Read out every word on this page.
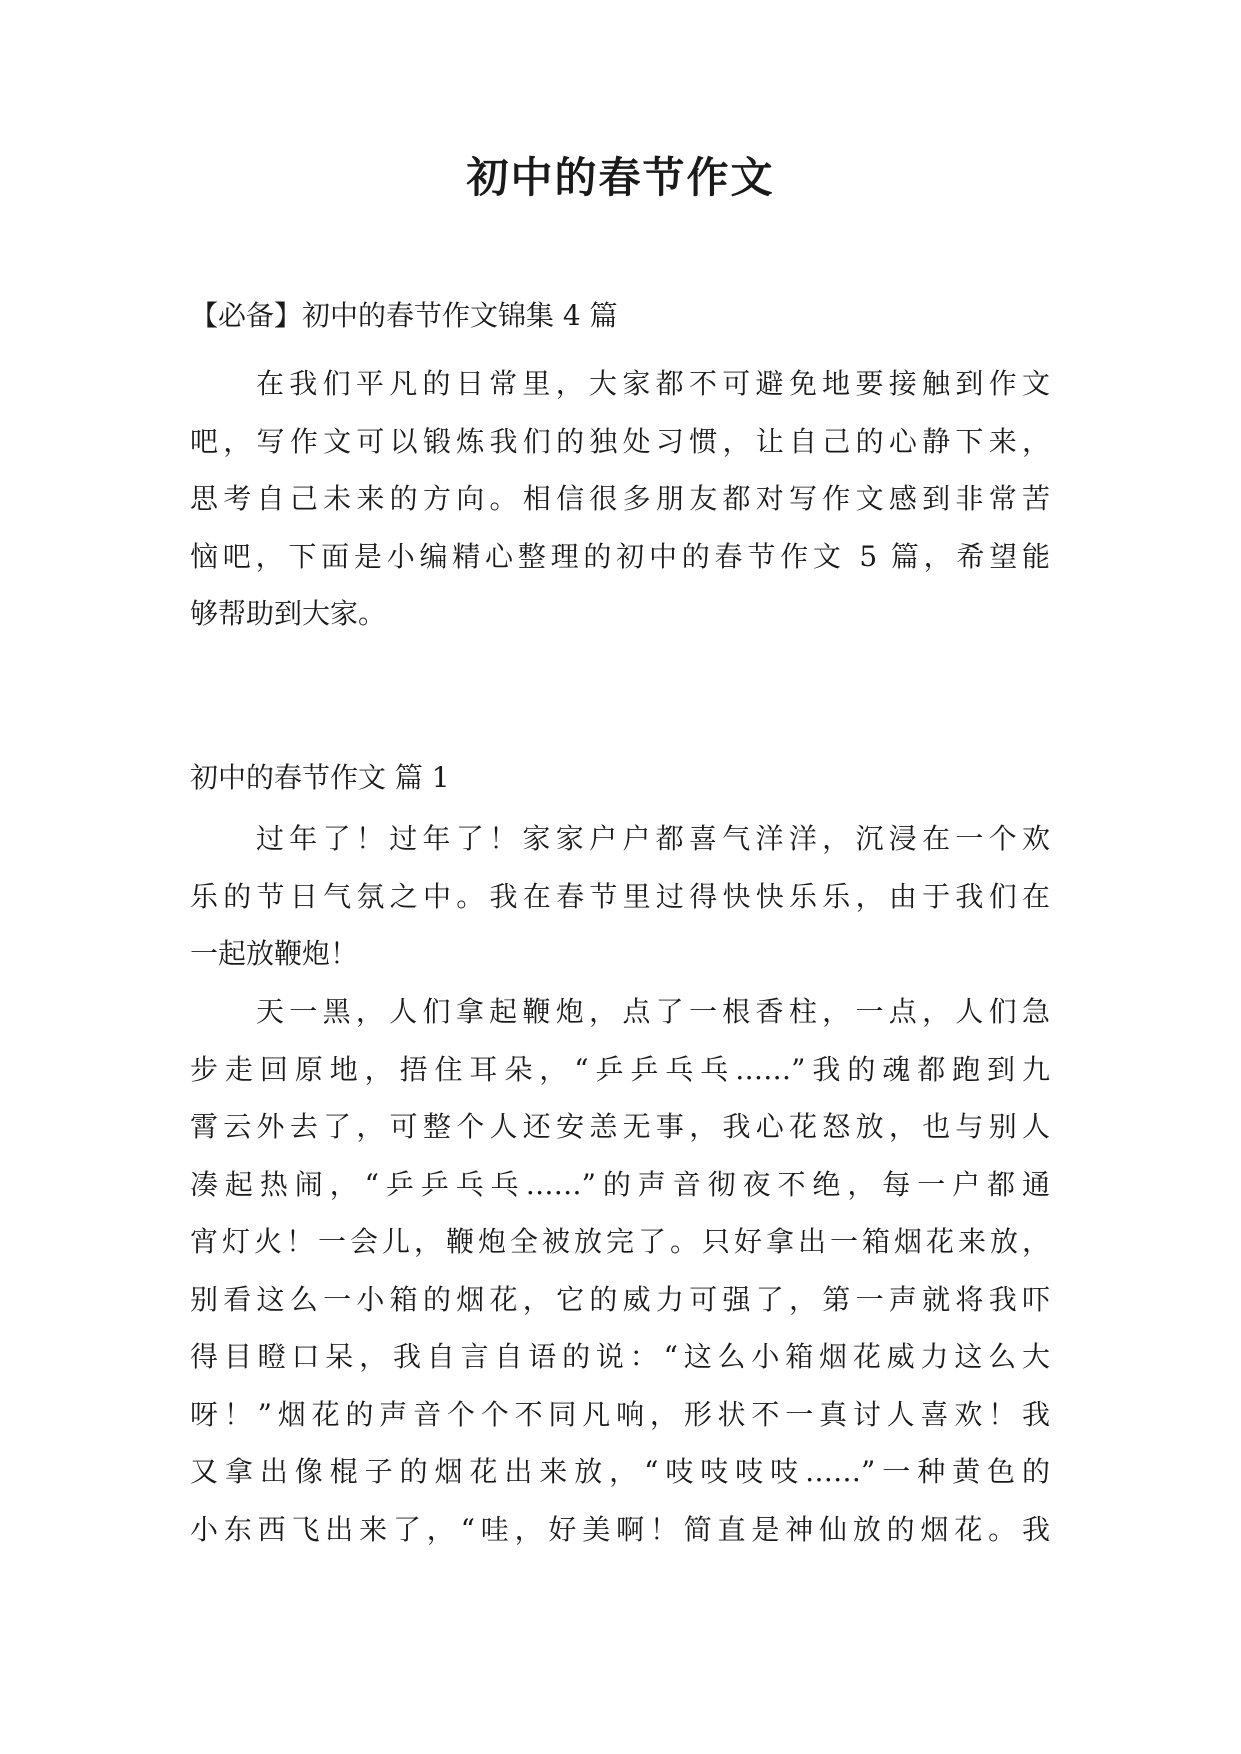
初中的春节作文
【必备】初中的春节作文锦集 4 篇
在我们平凡的日常里，大家都不可避免地要接触到作文
吧，写作文可以锻炼我们的独处习惯，让自己的心静下来，
思考自己未来的方向。相信很多朋友都对写作文感到非常苦
恼吧，下面是小编精心整理的初中的春节作文 5 篇，希望能
够帮助到大家。
初中的春节作文 篇 1
过年了！过年了！家家户户都喜气洋洋，沉浸在一个欢
乐的节日气氛之中。我在春节里过得快快乐乐，由于我们在
一起放鞭炮！
天一黑，人们拿起鞭炮，点了一根香柱，一点，人们急
步走回原地，捂住耳朵，“乒乒乓乓……”我的魂都跑到九
霄云外去了，可整个人还安恙无事，我心花怒放，也与别人
凑起热闹，“乒乒乓乓……”的声音彻夜不绝，每一户都通
宵灯火！一会儿，鞭炮全被放完了。只好拿出一箱烟花来放，
别看这么一小箱的烟花，它的威力可强了，第一声就将我吓
得目瞪口呆，我自言自语的说：“这么小箱烟花威力这么大
呀！”烟花的声音个个不同凡响，形状不一真讨人喜欢！我
又拿出像棍子的烟花出来放，“吱吱吱吱……”一种黄色的
小东西飞出来了，“哇，好美啊！简直是神仙放的烟花。我
